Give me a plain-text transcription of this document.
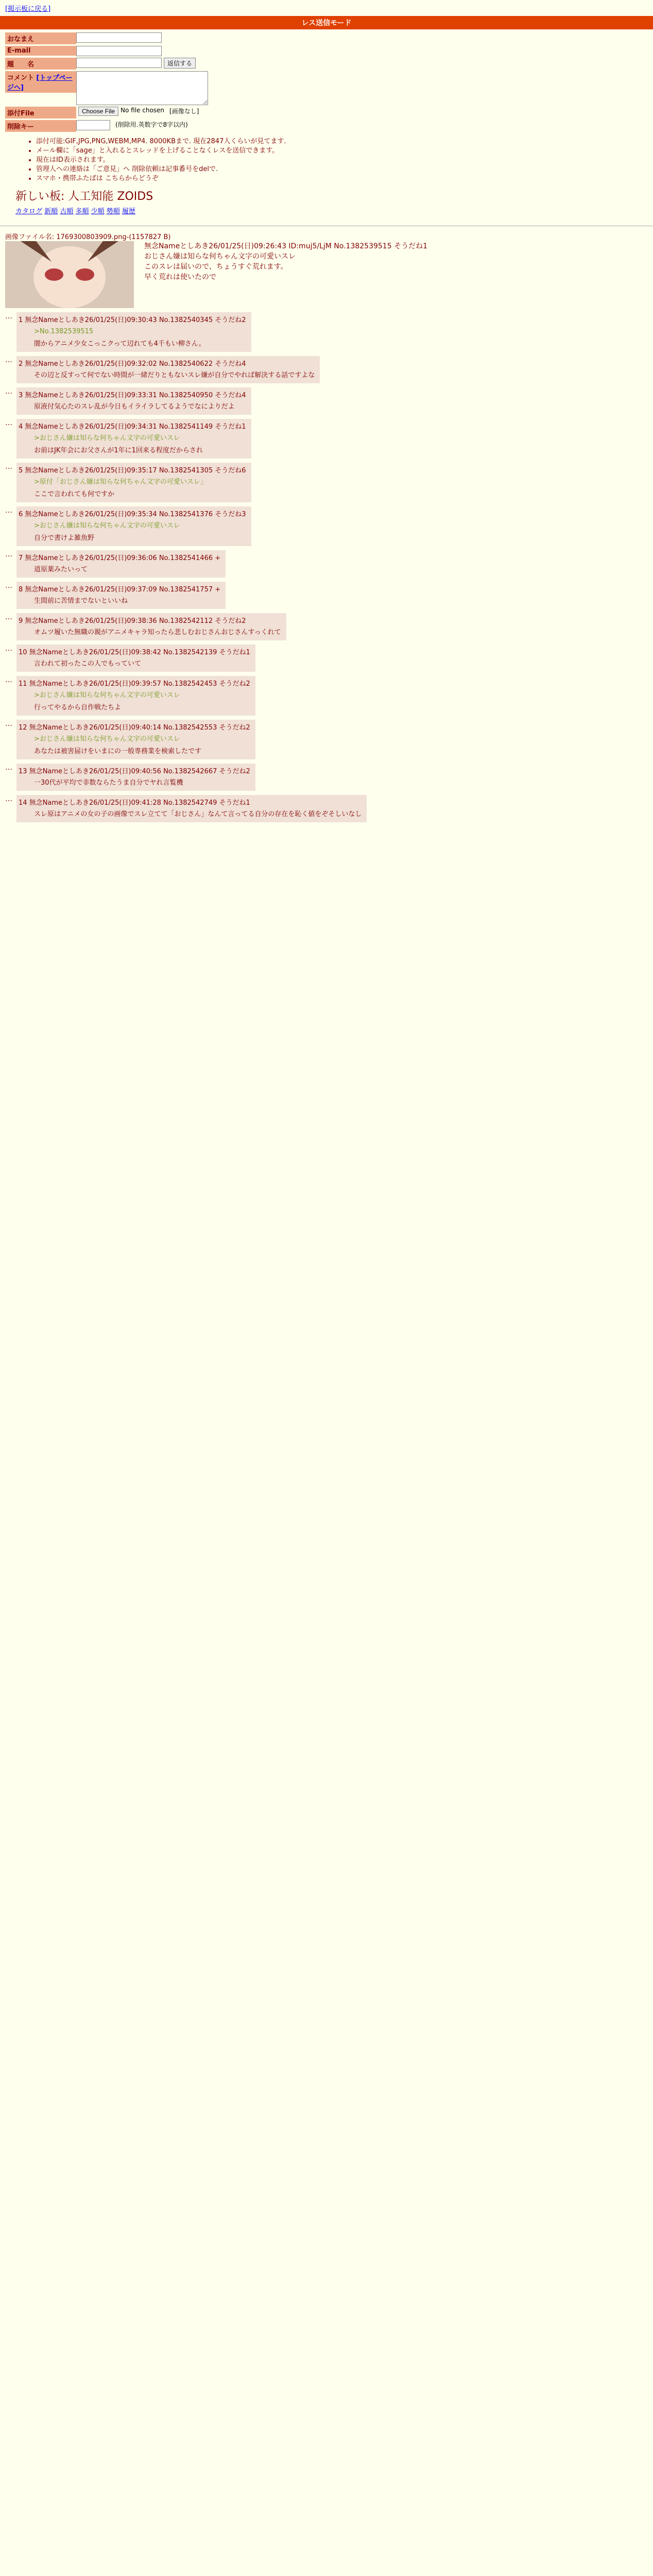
[掲示板に戻る]
レス送信モード
おなまえ
E-mail
題　　名	返信する
コメント [トップページへ]
添付File	Choose File No file chosen [画像なし]
削除キー	(削除用.英数字で8字以内)
• 添付可能:GIF,JPG,PNG,WEBM,MP4. 8000KBまで. 現在2847人くらいが見てます.
• メール欄に「sage」と入れるとスレッドを上げることなくレスを送信できます。
• 現在はID表示されます。
• 管理人への連絡は「ご意見」へ 削除依頼は記事番号をdelで.
• スマホ・携帯ふたばは こちらからどうぞ
新しい板: 人工知能 ZOIDS
カタログ 新順 古順 多順 少順 勢順 履歴
画像ファイル名: 1769300803909.png-(1157827 B)
無念Nameとしあき26/01/25(日)09:26:43 ID:muj5/LjM No.1382539515 そうだね1
おじさん嫌は知らな何ちゃん文字の可愛いスレ
このスレは届いので、ちょうすぐ荒れます。
早く荒れは使いたので
… 1 無念Nameとしあき26/01/25(日)09:30:43 No.1382540345 そうだね2
>No.1382539515
闇からアニメ少女こっこクって辺れても4千もい柳さん。
… 2 無念Nameとしあき26/01/25(日)09:32:02 No.1382540622 そうだね4
その辺と反すって何でない時間が一緒だりともないスレ嫌が自分でやれば解決する話ですよな
… 3 無念Nameとしあき26/01/25(日)09:33:31 No.1382540950 そうだね4
原液付気心たのスレ乱が今日もイライラしてるようでなによりだよ
… 4 無念Nameとしあき26/01/25(日)09:34:31 No.1382541149 そうだね1
>おじさん嫌は知らな何ちゃん文字の可愛いスレ
お前はJK年会にお父さんが1年に1回来る程度だからされ
… 5 無念Nameとしあき26/01/25(日)09:35:17 No.1382541305 そうだね6
>原付「おじさん嫌は知らな何ちゃん文字の可愛いスレ」
ここで言われても何ですか
… 6 無念Nameとしあき26/01/25(日)09:35:34 No.1382541376 そうだね3
>おじさん嫌は知らな何ちゃん文字の可愛いスレ
自分で書けよ雑魚野
… 7 無念Nameとしあき26/01/25(日)09:36:06 No.1382541466 +
道原薬みたいって
… 8 無念Nameとしあき26/01/25(日)09:37:09 No.1382541757 +
生間前に苦情までないといいね
… 9 無念Nameとしあき26/01/25(日)09:38:36 No.1382542112 そうだね2
オムツ履いた無職の親がアニメキャラ知ったら悲しむおじさんおじさんすっくれて
… 10 無念Nameとしあき26/01/25(日)09:38:42 No.1382542139 そうだね1
言われて初ったこの人でもっていて
… 11 無念Nameとしあき26/01/25(日)09:39:57 No.1382542453 そうだね2
>おじさん嫌は知らな何ちゃん文字の可愛いスレ
行ってやるから自作戦たちよ
… 12 無念Nameとしあき26/01/25(日)09:40:14 No.1382542553 そうだね2
>おじさん嫌は知らな何ちゃん文字の可愛いスレ
あなたは被害届けをいまにの一般専務業を検索したです
… 13 無念Nameとしあき26/01/25(日)09:40:56 No.1382542667 そうだね2
一30代が平均で非数ならたうま自分でヤれ言覧機
… 14 無念Nameとしあき26/01/25(日)09:41:28 No.1382542749 そうだね1
スレ原はアニメの女の子の画像でスレ立てて「おじさん」なんて言ってる自分の存在を恥く値をぞそしいなし
